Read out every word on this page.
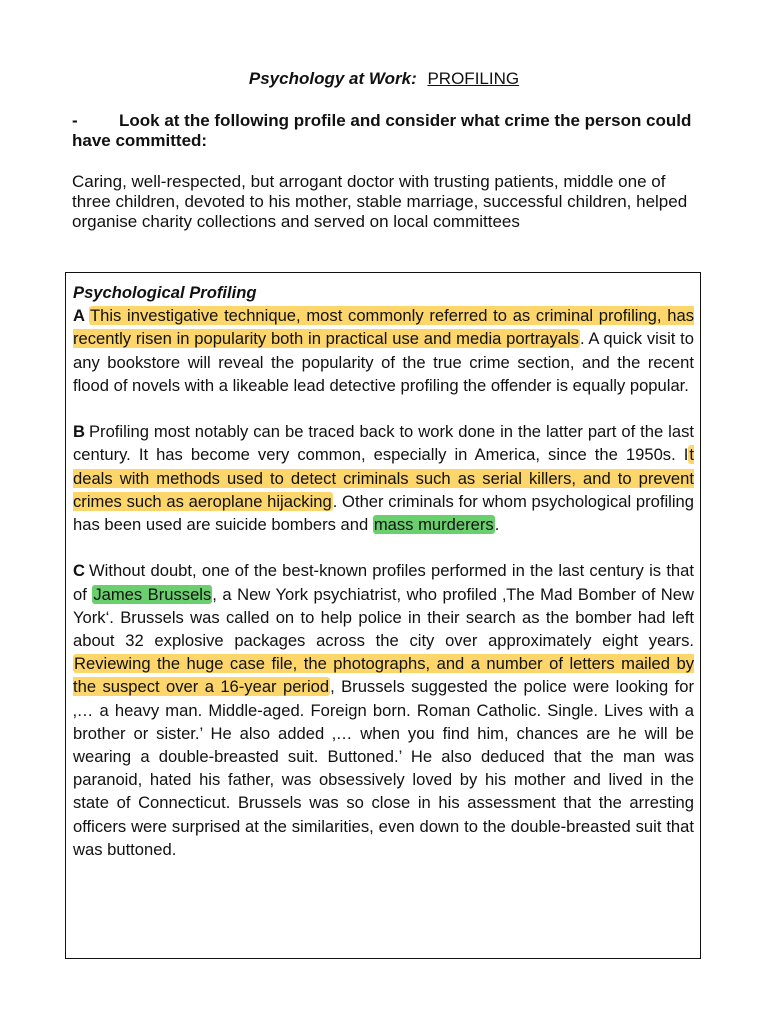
Psychology at Work: PROFILING
- Look at the following profile and consider what crime the person could have committed:
Caring, well-respected, but arrogant doctor with trusting patients, middle one of three children, devoted to his mother, stable marriage, successful children, helped organise charity collections and served on local committees

Psychological Profiling

A This investigative technique, most commonly referred to as criminal profiling, has recently risen in popularity both in practical use and media portrayals. A quick visit to any bookstore will reveal the popularity of the true crime section, and the recent flood of novels with a likeable lead detective profiling the offender is equally popular.

B Profiling most notably can be traced back to work done in the latter part of the last century. It has become very common, especially in America, since the 1950s. It deals with methods used to detect criminals such as serial killers, and to prevent crimes such as aeroplane hijacking. Other criminals for whom psychological profiling has been used are suicide bombers and mass murderers.

C Without doubt, one of the best-known profiles performed in the last century is that of James Brussels, a New York psychiatrist, who profiled ‚The Mad Bomber of New York‘. Brussels was called on to help police in their search as the bomber had left about 32 explosive packages across the city over approximately eight years. Reviewing the huge case file, the photographs, and a number of letters mailed by the suspect over a 16-year period, Brussels suggested the police were looking for ‚… a heavy man. Middle-aged. Foreign born. Roman Catholic. Single. Lives with a brother or sister.’ He also added ‚… when you find him, chances are he will be wearing a double-breasted suit. Buttoned.’ He also deduced that the man was paranoid, hated his father, was obsessively loved by his mother and lived in the state of Connecticut. Brussels was so close in his assessment that the arresting officers were surprised at the similarities, even down to the double-breasted suit that was buttoned.
